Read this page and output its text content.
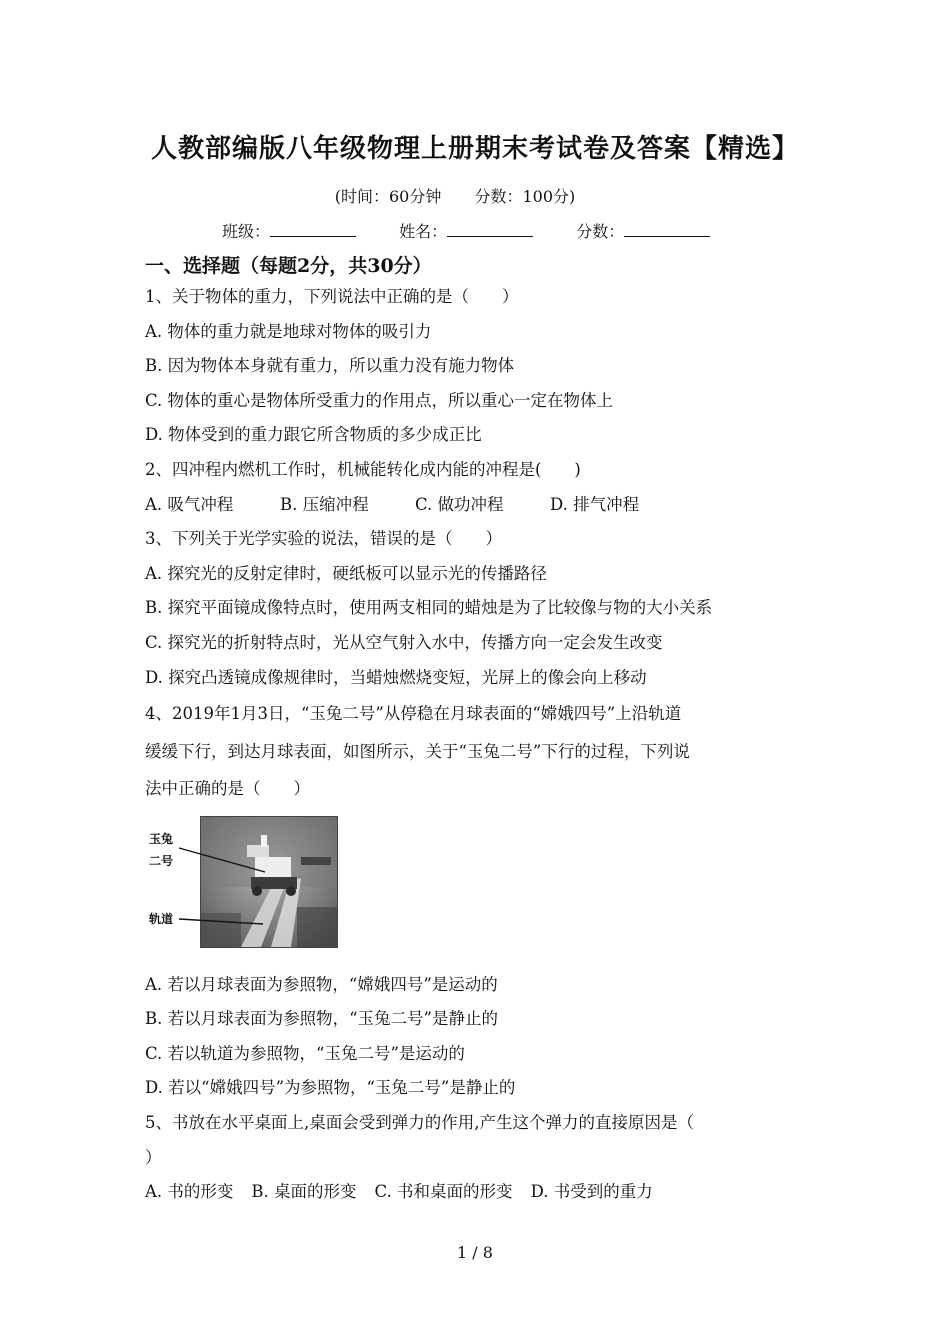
人教部编版八年级物理上册期末考试卷及答案【精选】
(时间：60分钟 分数：100分)
班级：	姓名：	分数：
一、选择题（每题2分，共30分）
1、关于物体的重力，下列说法中正确的是（　　）
A. 物体的重力就是地球对物体的吸引力
B. 因为物体本身就有重力，所以重力没有施力物体
C. 物体的重心是物体所受重力的作用点，所以重心一定在物体上
D. 物体受到的重力跟它所含物质的多少成正比
2、四冲程内燃机工作时，机械能转化成内能的冲程是(　　)
A. 吸气冲程	B. 压缩冲程	C. 做功冲程	D. 排气冲程
3、下列关于光学实验的说法，错误的是（　　）
A. 探究光的反射定律时，硬纸板可以显示光的传播路径
B. 探究平面镜成像特点时，使用两支相同的蜡烛是为了比较像与物的大小关系
C. 探究光的折射特点时，光从空气射入水中，传播方向一定会发生改变
D. 探究凸透镜成像规律时，当蜡烛燃烧变短，光屏上的像会向上移动
4、2019年1月3日，“玉兔二号”从停稳在月球表面的“嫦娥四号”上沿轨道
缓缓下行，到达月球表面，如图所示，关于“玉兔二号”下行的过程，下列说
法中正确的是（　　）
玉兔
二号
轨道
A. 若以月球表面为参照物，“嫦娥四号”是运动的
B. 若以月球表面为参照物，“玉兔二号”是静止的
C. 若以轨道为参照物，“玉兔二号”是运动的
D. 若以“嫦娥四号”为参照物，“玉兔二号”是静止的
5、书放在水平桌面上,桌面会受到弹力的作用,产生这个弹力的直接原因是（
）
A. 书的形变 B. 桌面的形变 C. 书和桌面的形变 D. 书受到的重力
1 / 8
